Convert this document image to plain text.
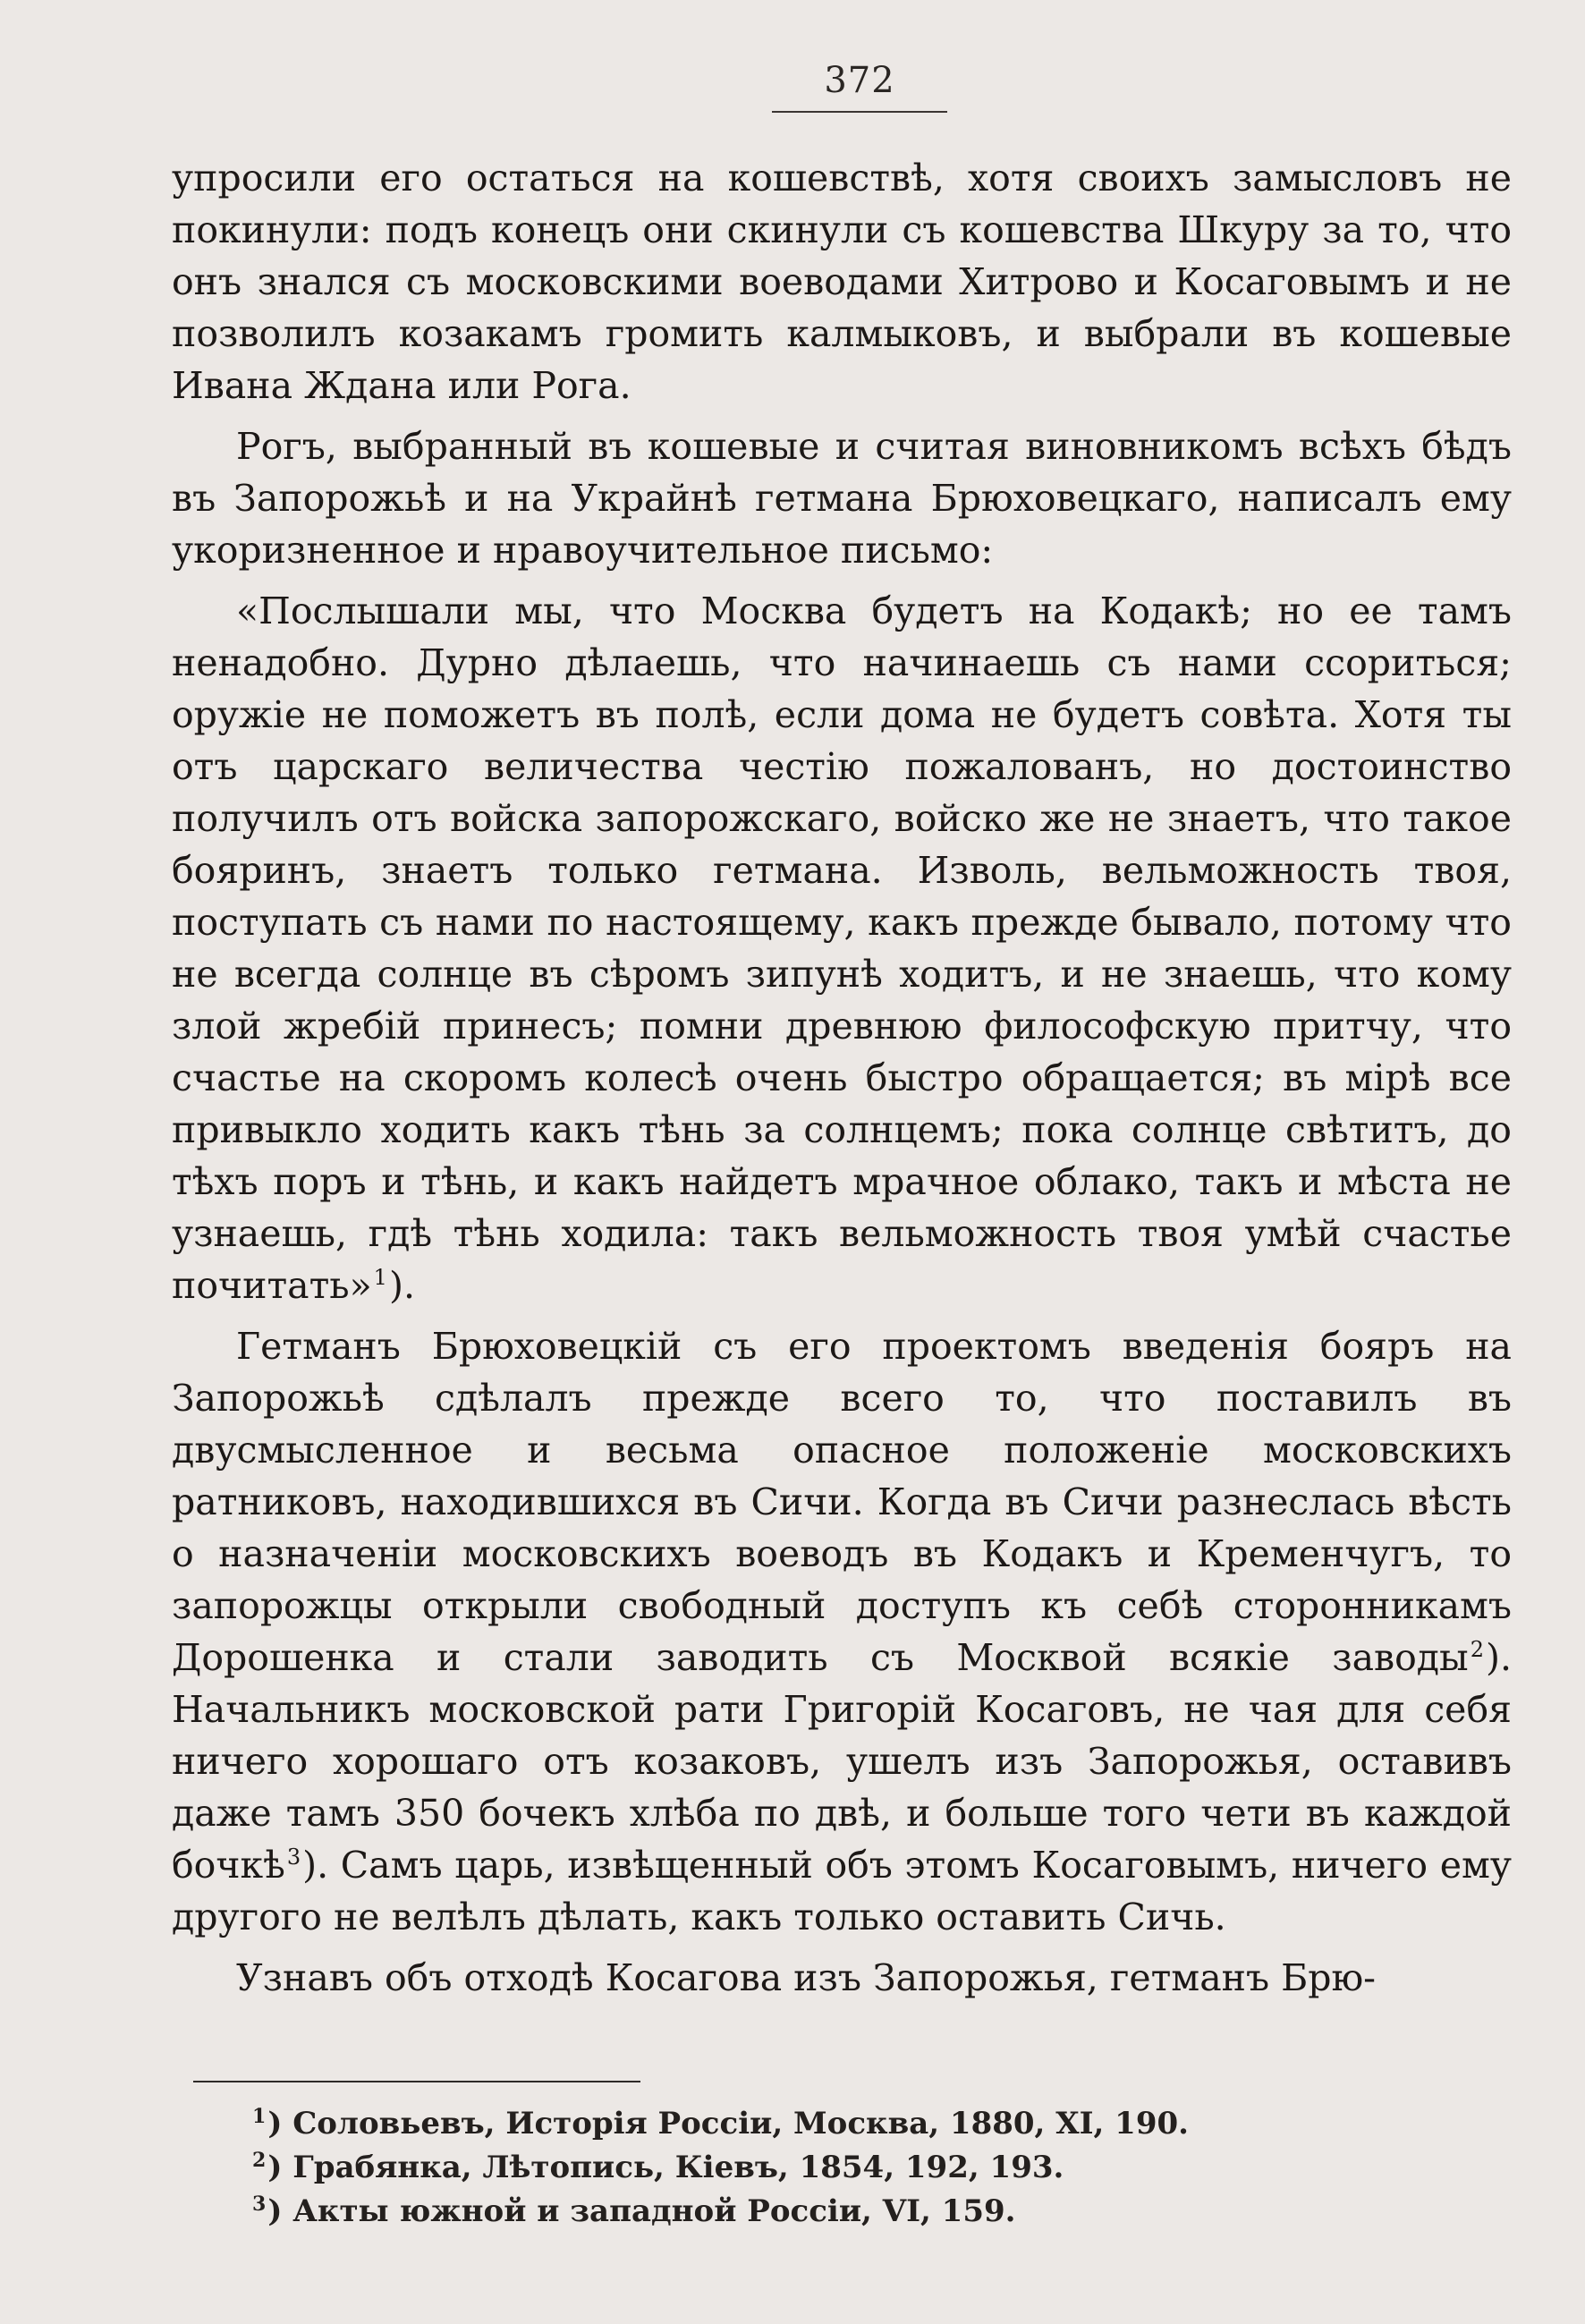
372

упросили его остаться на кошевствѣ, хотя своихъ замысловъ не покинули: подъ конецъ они скинули съ кошевства Шкуру за то, что онъ знался съ московскими воеводами Хитрово и Косаговымъ и не позволилъ козакамъ громить калмыковъ, и выбрали въ кошевые Ивана Ждана или Рога.

Рогъ, выбранный въ кошевые и считая виновникомъ всѣхъ бѣдъ въ Запорожьѣ и на Украйнѣ гетмана Брюховецкаго, написалъ ему укоризненное и нравоучительное письмо:

«Послышали мы, что Москва будетъ на Кодакѣ; но ее тамъ ненадобно. Дурно дѣлаешь, что начинаешь съ нами ссориться; оружіе не поможетъ въ полѣ, если дома не будетъ совѣта. Хотя ты отъ царскаго величества честію пожалованъ, но достоинство получилъ отъ войска запорожскаго, войско же не знаетъ, что такое бояринъ, знаетъ только гетмана. Изволь, вельможность твоя, поступать съ нами по настоящему, какъ прежде бывало, потому что не всегда солнце въ сѣромъ зипунѣ ходитъ, и не знаешь, что кому злой жребій принесъ; помни древнюю философскую притчу, что счастье на скоромъ колесѣ очень быстро обращается; въ мірѣ все привыкло ходить какъ тѣнь за солнцемъ; пока солнце свѣтитъ, до тѣхъ поръ и тѣнь, и какъ найдетъ мрачное облако, такъ и мѣста не узнаешь, гдѣ тѣнь ходила: такъ вельможность твоя умѣй счастье почитать»$^1$).

Гетманъ Брюховецкій съ его проектомъ введенія бояръ на Запорожьѣ сдѣлалъ прежде всего то, что поставилъ въ двусмысленное и весьма опасное положеніе московскихъ ратниковъ, находившихся въ Сичи. Когда въ Сичи разнеслась вѣсть о назначеніи московскихъ воеводъ въ Кодакъ и Кременчугъ, то запорожцы открыли свободный доступъ къ себѣ сторонникамъ Дорошенка и стали заводить съ Москвой всякіе заводы$^2$). Начальникъ московской рати Григорій Косаговъ, не чая для себя ничего хорошаго отъ козаковъ, ушелъ изъ Запорожья, оставивъ даже тамъ 350 бочекъ хлѣба по двѣ, и больше того чети въ каждой бочкѣ$^3$). Самъ царь, извѣщенный объ этомъ Косаговымъ, ничего ему другого не велѣлъ дѣлать, какъ только оставить Сичь.

Узнавъ объ отходѣ Косагова изъ Запорожья, гетманъ Брю-

$^1$) Соловьевъ, Исторія Россіи, Москва, 1880, XI, 190.
$^2$) Грабянка, Лѣтопись, Кіевъ, 1854, 192, 193.
$^3$) Акты южной и западной Россіи, VI, 159.
